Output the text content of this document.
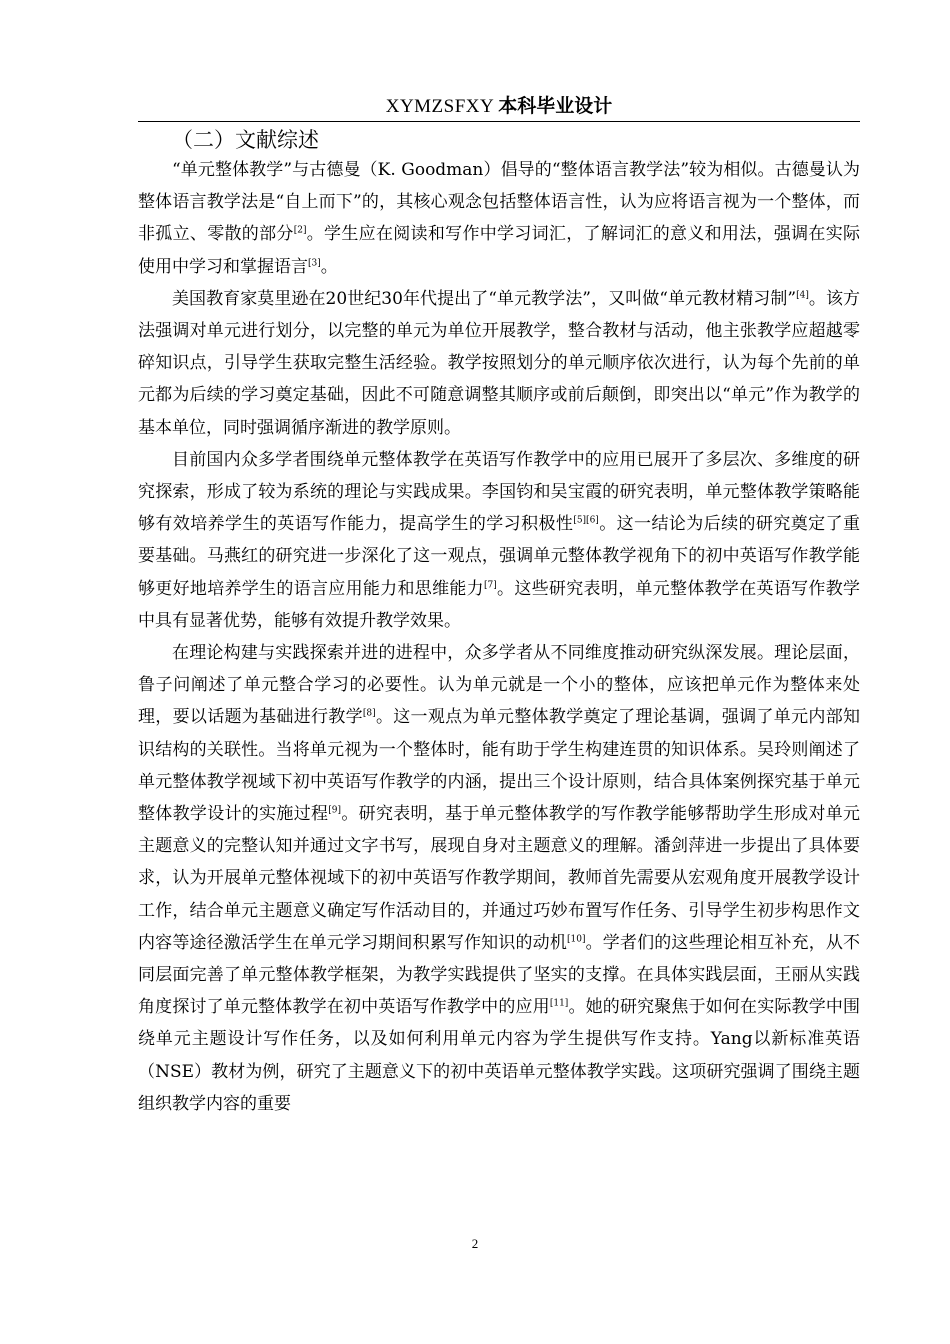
XYMZSFXY 本科毕业设计
（二）文献综述

“单元整体教学”与古德曼（K. Goodman）倡导的“整体语言教学法”较为相似。古德曼认为整体语言教学法是“自上而下”的，其核心观念包括整体语言性，认为应将语言视为一个整体，而非孤立、零散的部分[2]。学生应在阅读和写作中学习词汇，了解词汇的意义和用法，强调在实际使用中学习和掌握语言[3]。

美国教育家莫里逊在20世纪30年代提出了“单元教学法”，又叫做“单元教材精习制”[4]。该方法强调对单元进行划分，以完整的单元为单位开展教学，整合教材与活动，他主张教学应超越零碎知识点，引导学生获取完整生活经验。教学按照划分的单元顺序依次进行，认为每个先前的单元都为后续的学习奠定基础，因此不可随意调整其顺序或前后颠倒，即突出以“单元”作为教学的基本单位，同时强调循序渐进的教学原则。

目前国内众多学者围绕单元整体教学在英语写作教学中的应用已展开了多层次、多维度的研究探索，形成了较为系统的理论与实践成果。李国钧和吴宝霞的研究表明，单元整体教学策略能够有效培养学生的英语写作能力，提高学生的学习积极性[5][6]。这一结论为后续的研究奠定了重要基础。马燕红的研究进一步深化了这一观点，强调单元整体教学视角下的初中英语写作教学能够更好地培养学生的语言应用能力和思维能力[7]。这些研究表明，单元整体教学在英语写作教学中具有显著优势，能够有效提升教学效果。

在理论构建与实践探索并进的进程中，众多学者从不同维度推动研究纵深发展。理论层面，鲁子问阐述了单元整合学习的必要性。认为单元就是一个小的整体，应该把单元作为整体来处理，要以话题为基础进行教学[8]。这一观点为单元整体教学奠定了理论基调，强调了单元内部知识结构的关联性。当将单元视为一个整体时，能有助于学生构建连贯的知识体系。吴玲则阐述了单元整体教学视域下初中英语写作教学的内涵，提出三个设计原则，结合具体案例探究基于单元整体教学设计的实施过程[9]。研究表明，基于单元整体教学的写作教学能够帮助学生形成对单元主题意义的完整认知并通过文字书写，展现自身对主题意义的理解。潘剑萍进一步提出了具体要求，认为开展单元整体视域下的初中英语写作教学期间，教师首先需要从宏观角度开展教学设计工作，结合单元主题意义确定写作活动目的，并通过巧妙布置写作任务、引导学生初步构思作文内容等途径激活学生在单元学习期间积累写作知识的动机[10]。学者们的这些理论相互补充，从不同层面完善了单元整体教学框架，为教学实践提供了坚实的支撑。在具体实践层面，王丽从实践角度探讨了单元整体教学在初中英语写作教学中的应用[11]。她的研究聚焦于如何在实际教学中围绕单元主题设计写作任务，以及如何利用单元内容为学生提供写作支持。Yang以新标准英语（NSE）教材为例，研究了主题意义下的初中英语单元整体教学实践。这项研究强调了围绕主题组织教学内容的重要

2
